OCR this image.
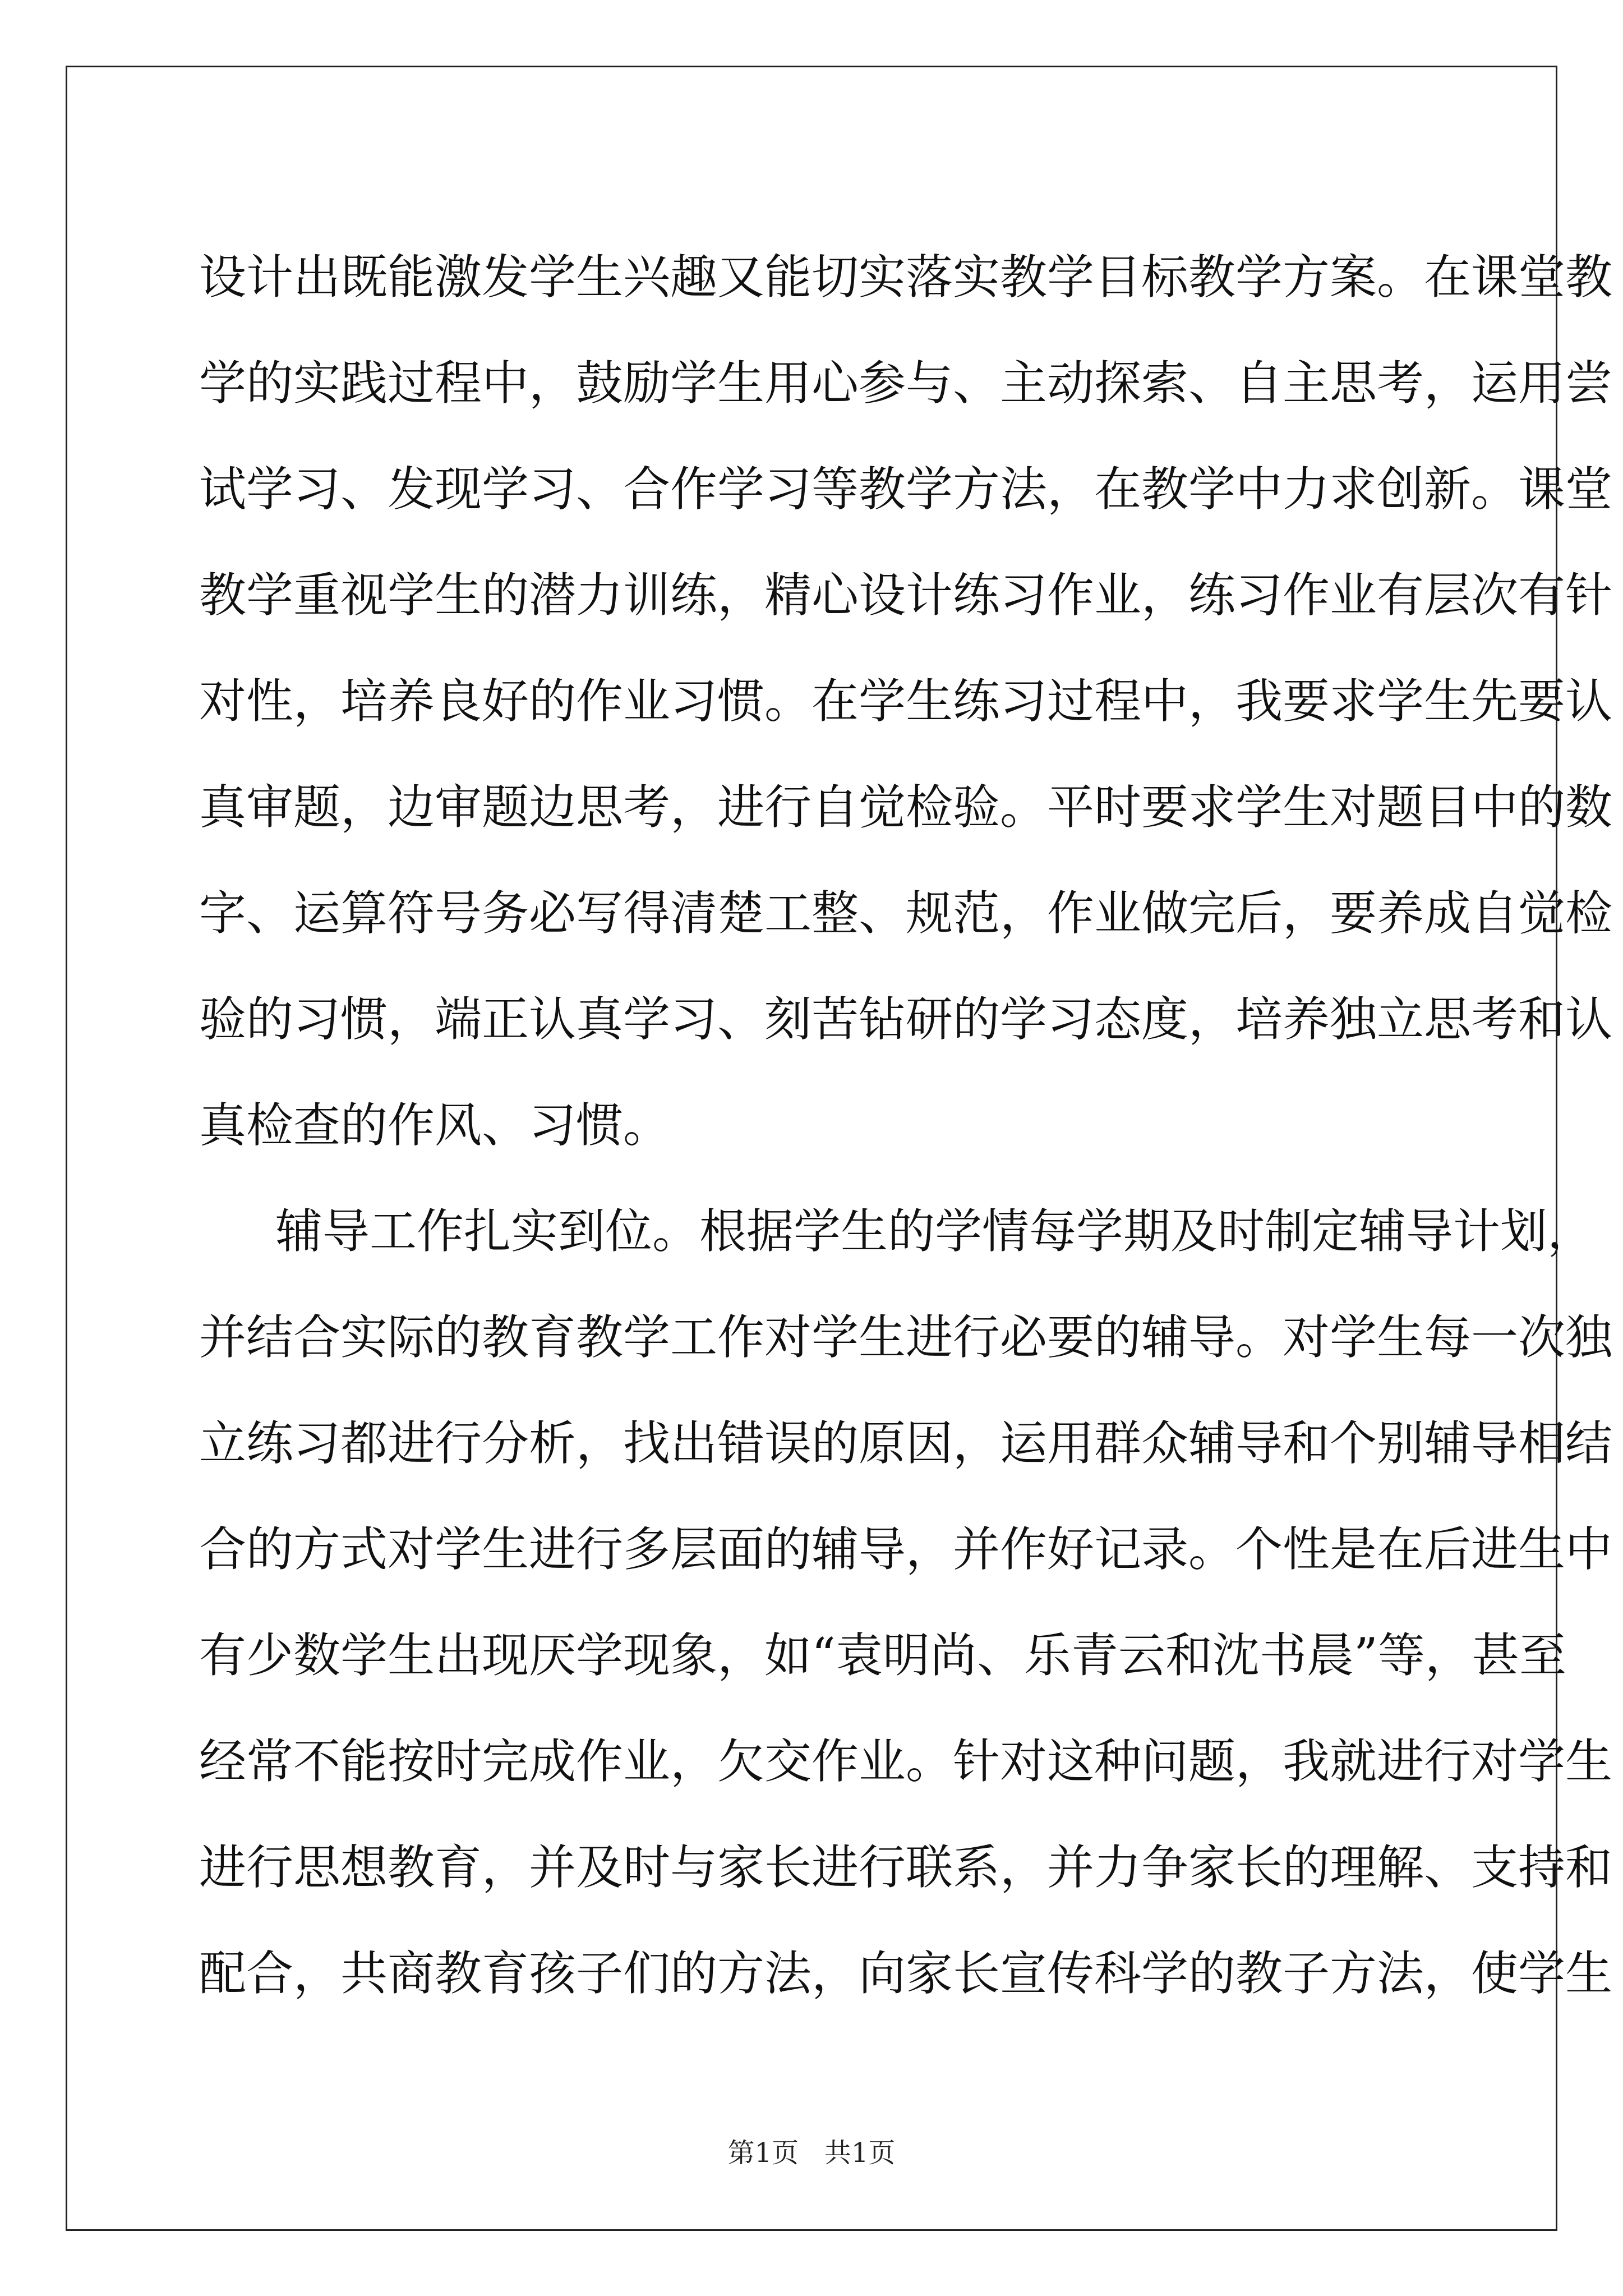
设计出既能激发学生兴趣又能切实落实教学目标教学方案。在课堂教
学的实践过程中，鼓励学生用心参与、主动探索、自主思考，运用尝
试学习、发现学习、合作学习等教学方法，在教学中力求创新。课堂
教学重视学生的潜力训练，精心设计练习作业，练习作业有层次有针
对性，培养良好的作业习惯。在学生练习过程中，我要求学生先要认
真审题，边审题边思考，进行自觉检验。平时要求学生对题目中的数
字、运算符号务必写得清楚工整、规范，作业做完后，要养成自觉检
验的习惯，端正认真学习、刻苦钻研的学习态度，培养独立思考和认
真检查的作风、习惯。
辅导工作扎实到位。根据学生的学情每学期及时制定辅导计划，
并结合实际的教育教学工作对学生进行必要的辅导。对学生每一次独
立练习都进行分析，找出错误的原因，运用群众辅导和个别辅导相结
合的方式对学生进行多层面的辅导，并作好记录。个性是在后进生中
有少数学生出现厌学现象，如“袁明尚、乐青云和沈书晨”等，甚至
经常不能按时完成作业，欠交作业。针对这种问题，我就进行对学生
进行思想教育，并及时与家长进行联系，并力争家长的理解、支持和
配合，共商教育孩子们的方法，向家长宣传科学的教子方法，使学生
第1页   共1页
